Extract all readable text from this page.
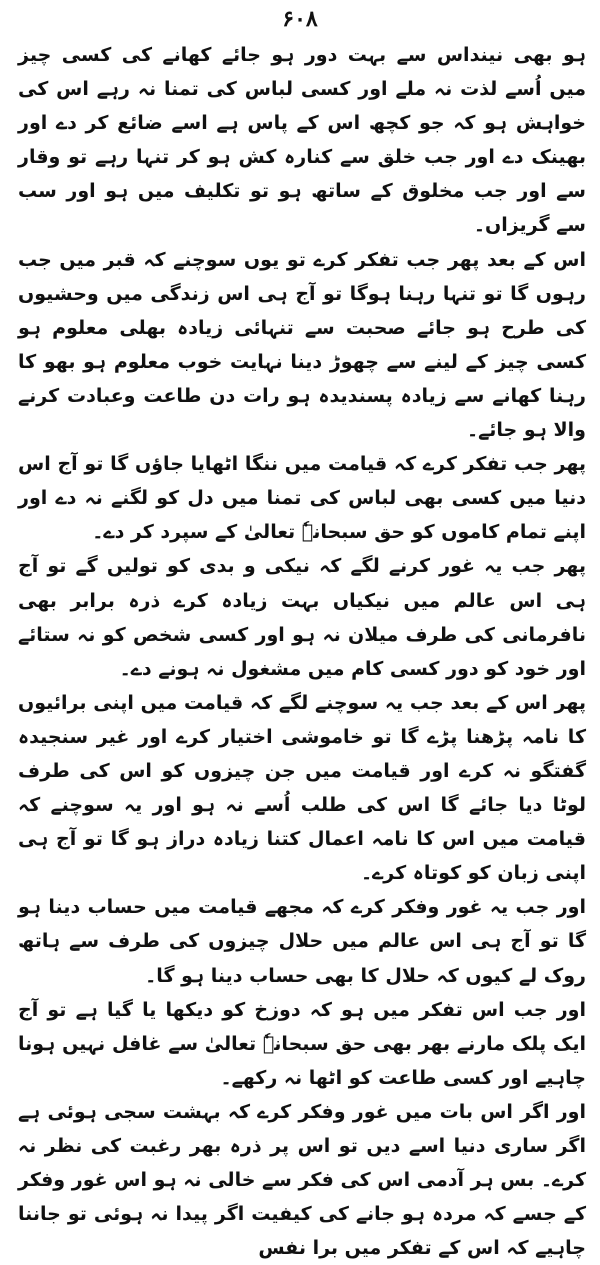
۶۰۸

ہو بھی نینداس سے بہت دور ہو جائے کھانے کی کسی چیز میں اُسے لذت نہ ملے اور کسی لباس کی تمنا نہ رہے اس کی خواہش ہو کہ جو کچھ اس کے پاس ہے اسے ضائع کر دے اور بھینک دے اور جب خلق سے کنارہ کش ہو کر تنہا رہے تو وقار سے اور جب مخلوق کے ساتھ ہو تو تکلیف میں ہو اور سب سے گریزاں۔

اس کے بعد پھر جب تفکر کرے تو یوں سوچنے کہ قبر میں جب رہوں گا تو تنہا رہنا ہوگا تو آج ہی اس زندگی میں وحشیوں کی طرح ہو جائے صحبت سے تنہائی زیادہ بھلی معلوم ہو کسی چیز کے لینے سے چھوڑ دینا نہایت خوب معلوم ہو بھو کا رہنا کھانے سے زیادہ پسندیدہ ہو رات دن طاعت وعبادت کرنے والا ہو جائے۔

پھر جب تفکر کرے کہ قیامت میں ننگا اٹھایا جاؤں گا تو آج اس دنیا میں کسی بھی لباس کی تمنا میں دل کو لگنے نہ دے اور اپنے تمام کاموں کو حق سبحانہٗ تعالیٰ کے سپرد کر دے۔

پھر جب یہ غور کرنے لگے کہ نیکی و بدی کو تولیں گے تو آج ہی اس عالم میں نیکیاں بہت زیادہ کرے ذرہ برابر بھی نافرمانی کی طرف میلان نہ ہو اور کسی شخص کو نہ ستائے اور خود کو دور کسی کام میں مشغول نہ ہونے دے۔

پھر اس کے بعد جب یہ سوچنے لگے کہ قیامت میں اپنی برائیوں کا نامہ پڑھنا پڑے گا تو خاموشی اختیار کرے اور غیر سنجیدہ گفتگو نہ کرے اور قیامت میں جن چیزوں کو اس کی طرف لوٹا دیا جائے گا اس کی طلب اُسے نہ ہو اور یہ سوچنے کہ قیامت میں اس کا نامہ اعمال کتنا زیادہ دراز ہو گا تو آج ہی اپنی زبان کو کوتاہ کرے۔

اور جب یہ غور وفکر کرے کہ مجھے قیامت میں حساب دینا ہو گا تو آج ہی اس عالم میں حلال چیزوں کی طرف سے ہاتھ روک لے کیوں کہ حلال کا بھی حساب دینا ہو گا۔

اور جب اس تفکر میں ہو کہ دوزخ کو دیکھا یا گیا ہے تو آج ایک پلک مارنے بھر بھی حق سبحانہٗ تعالیٰ سے غافل نہیں ہونا چاہیے اور کسی طاعت کو اٹھا نہ رکھے۔

اور اگر اس بات میں غور وفکر کرے کہ بہشت سجی ہوئی ہے اگر ساری دنیا اسے دیں تو اس پر ذرہ بھر رغبت کی نظر نہ کرے۔ بس ہر آدمی اس کی فکر سے خالی نہ ہو اس غور وفکر کے جسے کہ مردہ ہو جانے کی کیفیت اگر پیدا نہ ہوئی تو جاننا چاہیے کہ اس کے تفکر میں برا نفس
